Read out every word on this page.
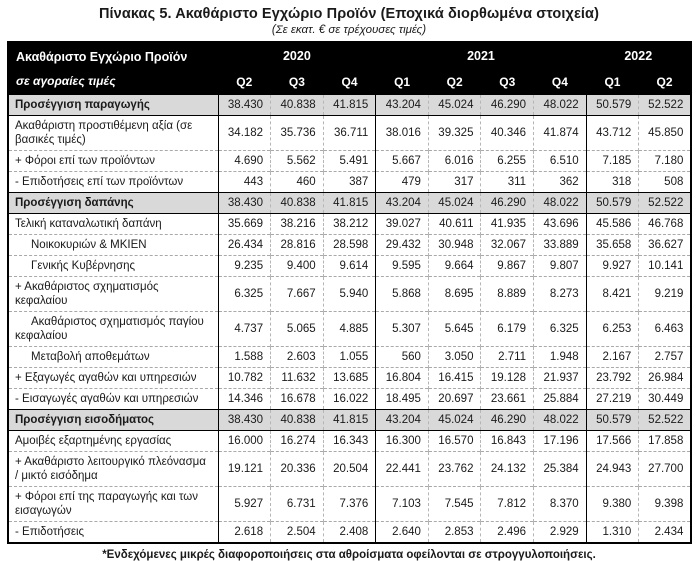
Πίνακας 5. Ακαθάριστο Εγχώριο Προϊόν (Εποχικά διορθωμένα στοιχεία)
(Σε εκατ. € σε τρέχουσες τιμές)
Ακαθάριστο Εγχώριο Προϊόν
σε αγοραίες τιμές	2020			2021				2022	
	Q2	Q3	Q4	Q1	Q2	Q3	Q4	Q1	Q2
Προσέγγιση παραγωγής	38.430	40.838	41.815	43.204	45.024	46.290	48.022	50.579	52.522
Ακαθάριστη προστιθέμενη αξία (σε βασικές τιμές)	34.182	35.736	36.711	38.016	39.325	40.346	41.874	43.712	45.850
+ Φόροι επί των προϊόντων	4.690	5.562	5.491	5.667	6.016	6.255	6.510	7.185	7.180
- Επιδοτήσεις επί των προϊόντων	443	460	387	479	317	311	362	318	508
Προσέγγιση δαπάνης	38.430	40.838	41.815	43.204	45.024	46.290	48.022	50.579	52.522
Τελική καταναλωτική δαπάνη	35.669	38.216	38.212	39.027	40.611	41.935	43.696	45.586	46.768
Νοικοκυριών & ΜΚΙΕΝ	26.434	28.816	28.598	29.432	30.948	32.067	33.889	35.658	36.627
Γενικής Κυβέρνησης	9.235	9.400	9.614	9.595	9.664	9.867	9.807	9.927	10.141
+ Ακαθάριστος σχηματισμός κεφαλαίου	6.325	7.667	5.940	5.868	8.695	8.889	8.273	8.421	9.219
Ακαθάριστος σχηματισμός παγίου κεφαλαίου	4.737	5.065	4.885	5.307	5.645	6.179	6.325	6.253	6.463
Μεταβολή αποθεμάτων	1.588	2.603	1.055	560	3.050	2.711	1.948	2.167	2.757
+ Εξαγωγές αγαθών και υπηρεσιών	10.782	11.632	13.685	16.804	16.415	19.128	21.937	23.792	26.984
- Εισαγωγές αγαθών και υπηρεσιών	14.346	16.678	16.022	18.495	20.697	23.661	25.884	27.219	30.449
Προσέγγιση εισοδήματος	38.430	40.838	41.815	43.204	45.024	46.290	48.022	50.579	52.522
Αμοιβές εξαρτημένης εργασίας	16.000	16.274	16.343	16.300	16.570	16.843	17.196	17.566	17.858
+ Ακαθάριστο λειτουργικό πλεόνασμα / μικτό εισόδημα	19.121	20.336	20.504	22.441	23.762	24.132	25.384	24.943	27.700
+ Φόροι επί της παραγωγής και των εισαγωγών	5.927	6.731	7.376	7.103	7.545	7.812	8.370	9.380	9.398
- Επιδοτήσεις	2.618	2.504	2.408	2.640	2.853	2.496	2.929	1.310	2.434
*Ενδεχόμενες μικρές διαφοροποιήσεις στα αθροίσματα οφείλονται σε στρογγυλοποιήσεις.
